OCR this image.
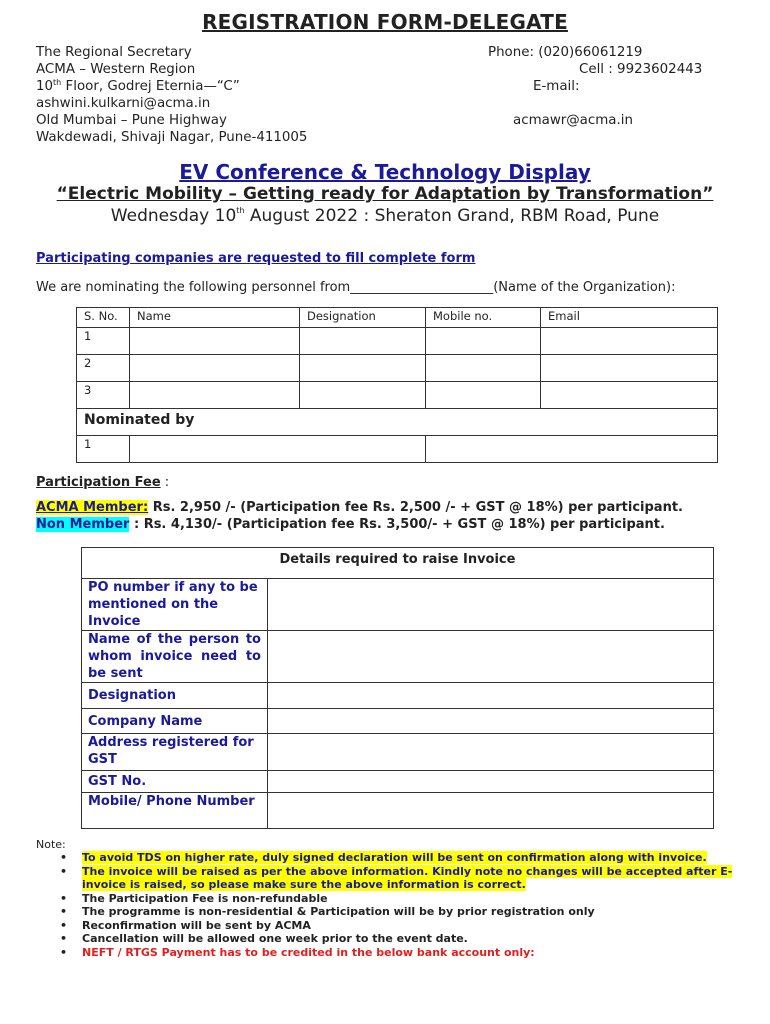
REGISTRATION FORM-DELEGATE
The Regional Secretary
ACMA – Western Region
10th Floor, Godrej Eternia—“C”
ashwini.kulkarni@acma.in
Old Mumbai – Pune Highway
Wakdewadi, Shivaji Nagar, Pune-411005
Phone: (020)66061219
Cell : 9923602443
E-mail:
acmawr@acma.in
EV Conference & Technology Display
“Electric Mobility – Getting ready for Adaptation by Transformation”
Wednesday 10th August 2022 : Sheraton Grand, RBM Road, Pune
Participating companies are requested to fill complete form
We are nominating the following personnel from______________________(Name of the Organization):
S. No.	Name	Designation	Mobile no.	Email
1				
2				
3				
Nominated by				
1				
Participation Fee :
ACMA Member: Rs. 2,950 /- (Participation fee Rs. 2,500 /- + GST @ 18%) per participant.
Non Member : Rs. 4,130/- (Participation fee Rs. 3,500/- + GST @ 18%) per participant.
Details required to raise Invoice	
PO number if any to be mentioned on the Invoice	
Name of the person to whom invoice need to be sent	
Designation	
Company Name	
Address registered for GST	
GST No.	
Mobile/ Phone Number	
Note:
• To avoid TDS on higher rate, duly signed declaration will be sent on confirmation along with invoice.
• The invoice will be raised as per the above information. Kindly note no changes will be accepted after E-invoice is raised, so please make sure the above information is correct.
• The Participation Fee is non-refundable
• The programme is non-residential & Participation will be by prior registration only
• Reconfirmation will be sent by ACMA
• Cancellation will be allowed one week prior to the event date.
• NEFT / RTGS Payment has to be credited in the below bank account only:
